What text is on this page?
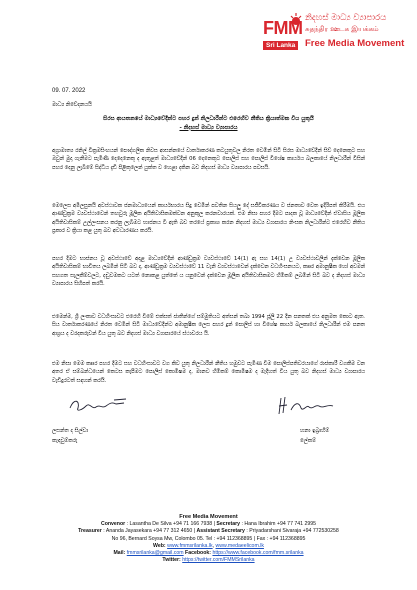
FMM
Sri Lanka
නිදහස් මාධ්‍ය ව්‍යාපාරය
சுதந்திர ஊடக இயக்கம்
Free Media Movement
09. 07. 2022
මාධ්‍ය නිවේදනයයි
සිරස ආයතනයේ මාධ්‍යවේදීන්ට පහර දුන් නිලධාරීන්ට එරෙහිව නීතිය ක්‍රියාත්මක විය යුතුයි
- නිදහස් මාධ්‍ය ව්‍යාපාරය

අග්‍රාමාත්‍ය රනිල් වික්‍රමසිංහයන් පෞද්ගලික නිවස ආසන්නයේ වාර්තාකරණ කටයුතුවල නිරත වෙමින් සිටි සිරස මාධ්‍යවේදීන් සිව් දෙනෙකුට සහ ඔවුන් මුදා ගැනීමට පැමිණි දෙදෙනෙකු ද ඇතුළත් මාධ්‍යවේදීන් 06 දෙනෙකුට පොලිස් සහ පොලිස් විශේෂ කාර්යය බලකායේ නිලධාරීන් විසින් පහර දෙනු ලැබීමේ සිද්ධිය දැඩි පිළිකුලෙන් යුක්ත ව හෙළා දකින බව නිදහස් මාධ්‍ය ව්‍යාපාරය පවසයි.

මෙලෙස අමිලසුනයි අවස්ථාවක ජනමාධ්‍යයෙන් කාර්යභාරය සිදු වෙමින් පවතින සියලු දේ සජීවිකරණය ව ජනතාව වෙත ඉදිරිපත් කිරීමයි. එය ආණ්ඩුක්‍රම ව්‍යවස්ථාවෙන් තහවුරු මූලික අයිතිවාසිකමක්වන අනුකූල කරනවාරයක්. එම නිසා පහර දීමට පාදක වූ මාධ්‍යවේදීන් ඒවාසිය මූලික අයිතිවාසිකම් උල්ලංඝනය කරනු ලැබීමට භාජනය වී ඇති බව තරයේ ප්‍රකාශ කරන නිදහස් මාධ්‍ය ව්‍යාපාරය නිංසක නිලධාරීන්ට එරෙහිව නීතිය ප්‍රකාර ව ක්‍රියා කළ යුතු බව අවධාරණය කරයි.

පහර දීමට භාජනය වූ අවස්ථාවේ අදාළ මාධ්‍යවේදීන් ආණ්ඩුක්‍රම ව්‍යවස්ථාවේ 14(1) ඇ සහ 14(1) උ ව්‍යවස්ථාවලින් දැක්වෙන මූලික අයිතිවාසිකම් භාවිතය ලබමින් සිටි බව ද, ආණ්ඩුක්‍රම ව්‍යවස්ථාවේ 11 වැනි ව්‍යවස්ථාවෙන් දැක්වෙන වධහිංසනයට, කෲර අමානුෂීක හෝ අවමන් සහගත සැලකීම්වලට, දඬුවමකට යටත් නොකළ යුත්තේ ය යනුවෙන් දැක්වෙන මූලික අයිතිවාසිකමට හිමිකම් ලබමින් සිටි බව ද නිදහස් මාධ්‍ය ව්‍යාපාරය සිහිපත් කරයි.

එමෙන්ම, ශ්‍රී ලංකාව වධහිංසාවට එරෙහි වීමේ එක්සත් ජාතීන්ගේ සම්මුතියට අත්සන් තබා 1994 ජූලි 22 දින පනතක් එය අනුමත කොට ඇත. සිය වාර්තාකරණයේ නිරත වෙමින් සිටි මාධ්‍යවේදීන්ට අමානුෂීක ලෙස පහර දුන් පොලිස් හා විශේෂ කාර්ය බලකායේ නිලධාරීන් එම පනත ආශ්‍රය ද වරදකරුවන් විය යුතු බව නිදහස් මාධ්‍ය ව්‍යාපාරයේ ස්ථාවරය යි.

එම නිසා මෙම කෲර පහර දීමට සහ වධහිංසාවට වග කිව යුතු නිලධාරීන් නීතිය හමුවට පැමිණ වීම පොලිස්පතිවරයාගේ රාජකාරී වගකීම වන අතර ඒ සම්බන්ධයෙන් කෙටස කැපීමට පොලිස් කොමිෂම ද, මානව හිමිකම් කොමිෂම ද මැදිහත් විය යුතු බව නිදහස් මාධ්‍ය ව්‍යාපාරය වැඩිදුරටත් සඳහන් කරයි.

ලසන්ත ද සිල්වා
කැඳවුම්කරු
හනා ඉබ්‍රාහිම්
ලේකම්
Free Media Movement
Convenor : Lasantha De Silva +94 71 166 7938 | Secretary : Hana Ibrahim +94 77 741 2995
Treasurer : Ananda Jayasekara +94 77 312 4650 | Assistant Secretary : Priyadarshani Sivaraja +94 772530258
No 96, Bernard Soysa Mw, Colombo 05. Tel : +94 112368895 | Fax : +94 112368895
Web: www.fmmsrilanka.lk, www.medaeelicom.lk
Mail: fmmsrilanka@gmail.com Facebook: https://www.facebook.com/fmm.srilanka
Twitter: https://twitter.com/FMMSrilanka
